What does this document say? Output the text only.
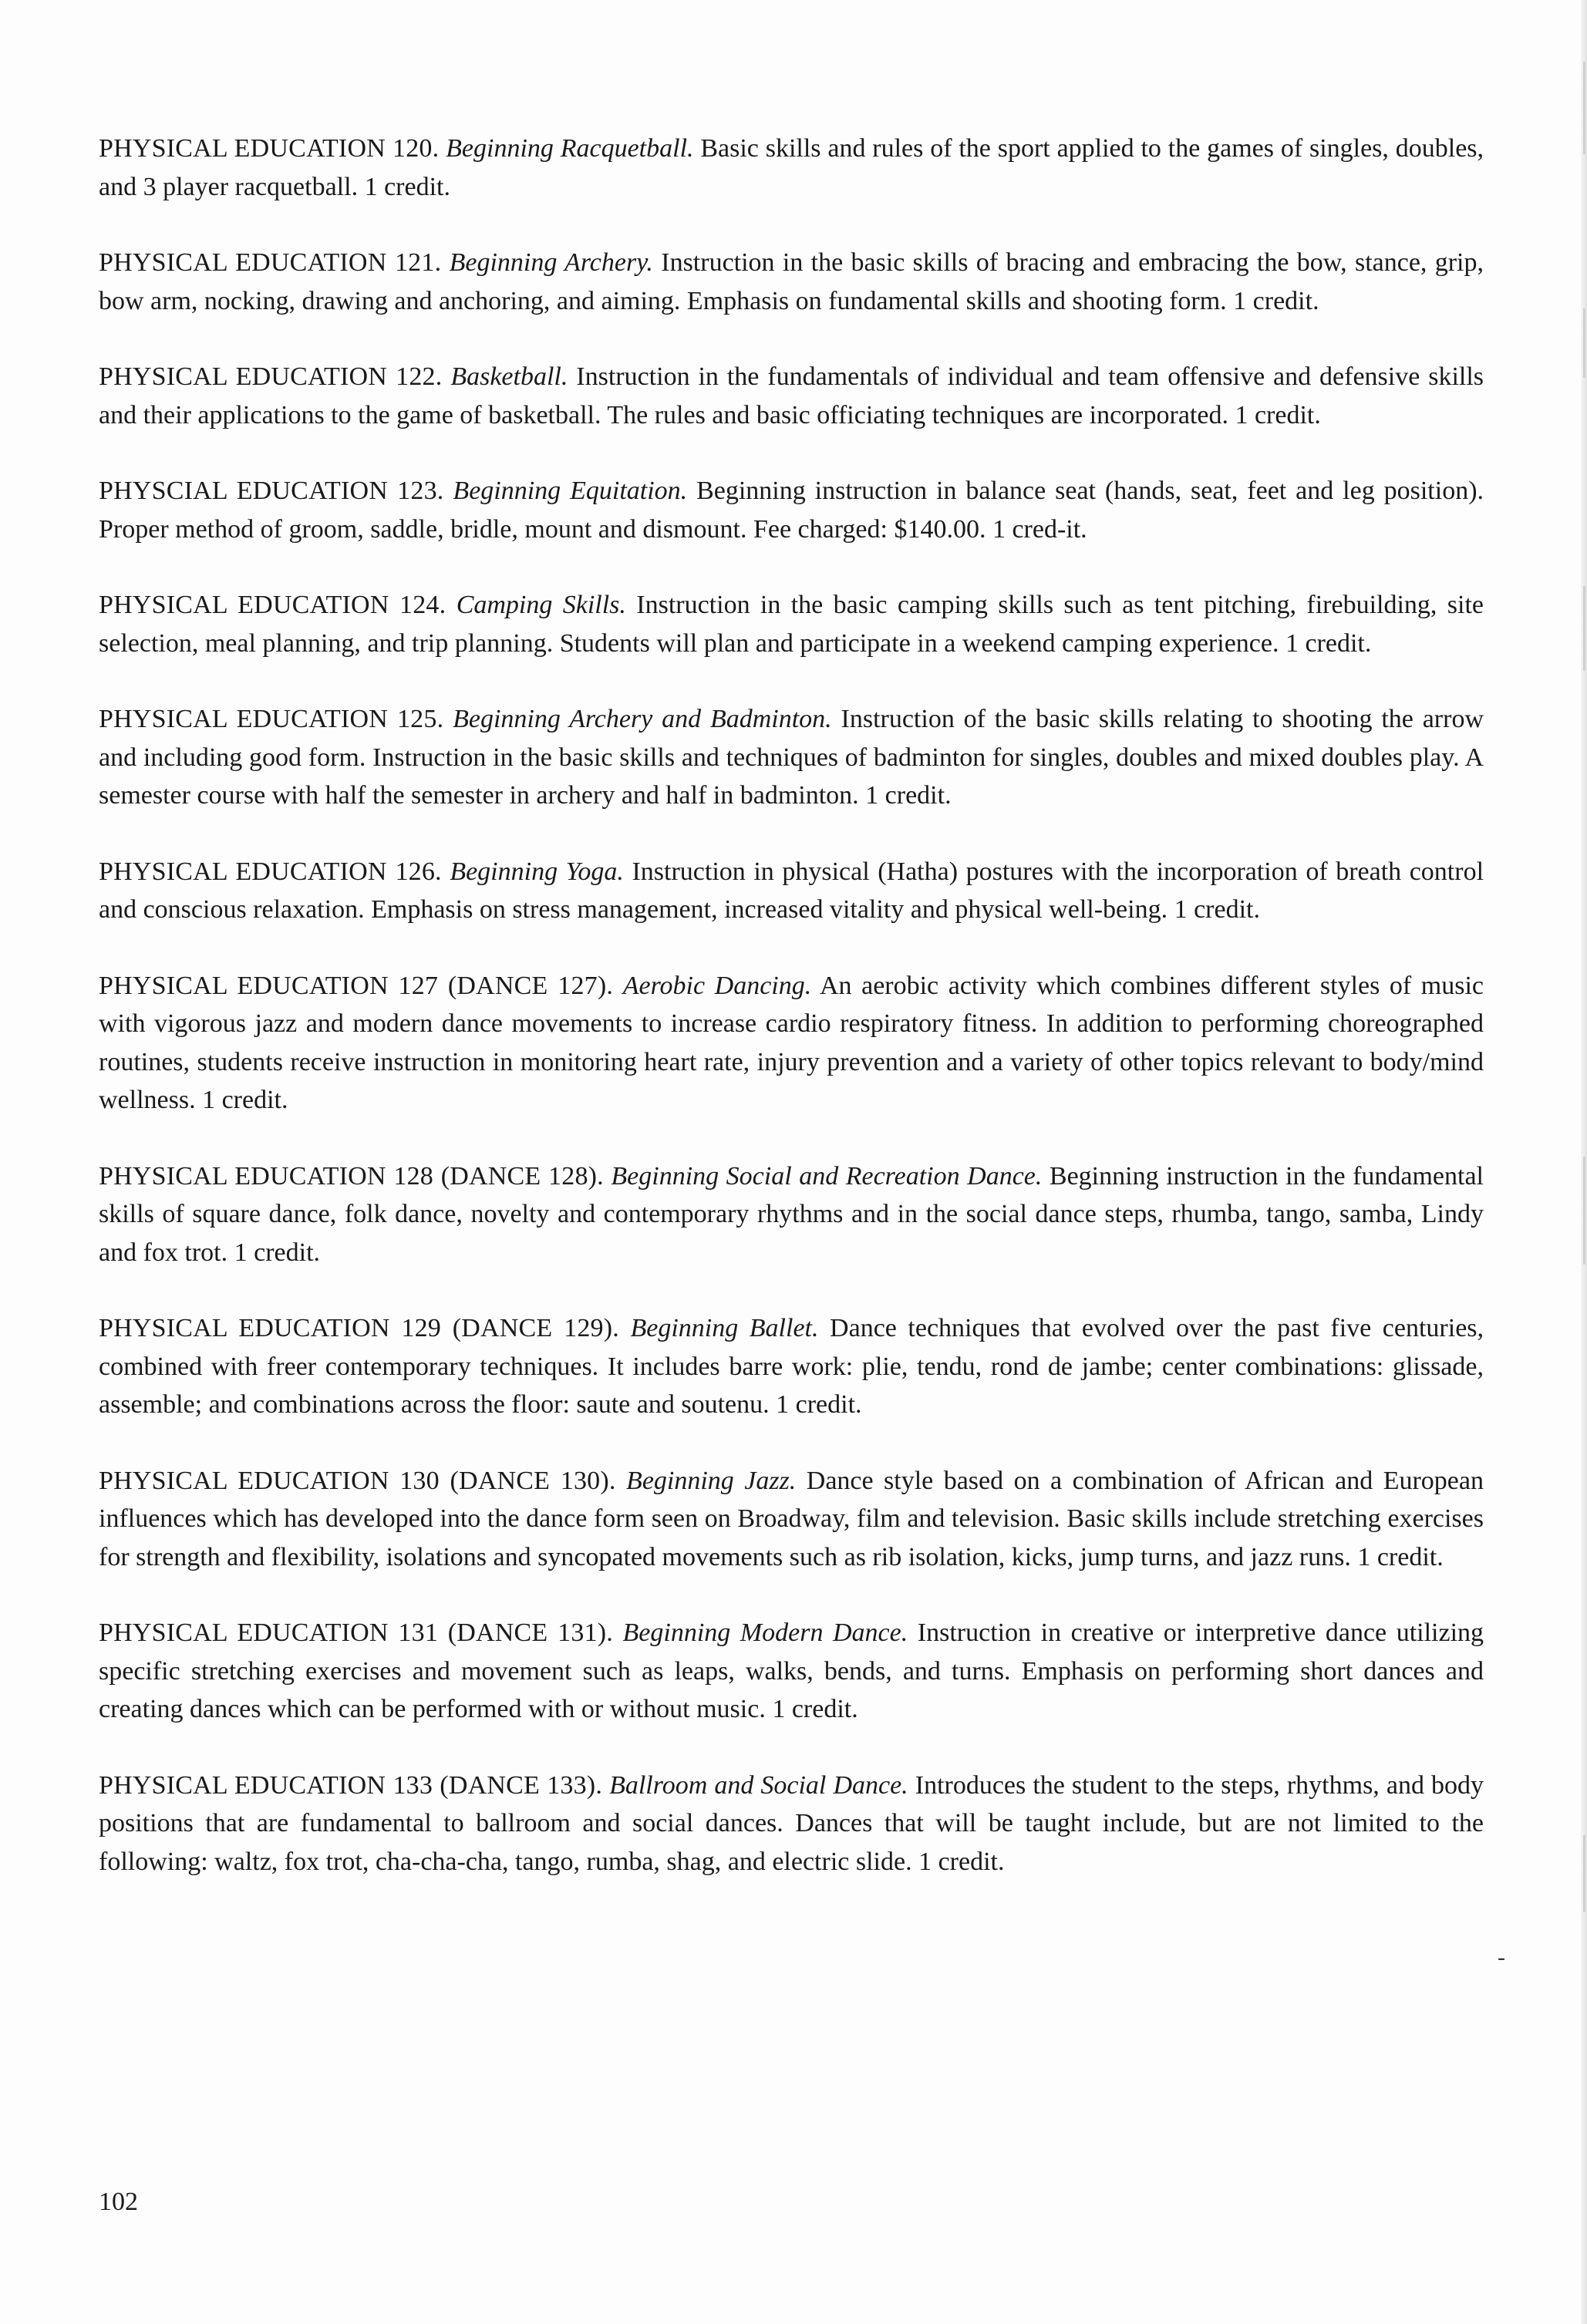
PHYSICAL EDUCATION 120. Beginning Racquetball. Basic skills and rules of the sport applied to the games of singles, doubles, and 3 player racquetball. 1 credit.

PHYSICAL EDUCATION 121. Beginning Archery. Instruction in the basic skills of bracing and embracing the bow, stance, grip, bow arm, nocking, drawing and anchoring, and aiming. Emphasis on fundamental skills and shooting form. 1 credit.

PHYSICAL EDUCATION 122. Basketball. Instruction in the fundamentals of individual and team offensive and defensive skills and their applications to the game of basketball. The rules and basic officiating techniques are incorporated. 1 credit.

PHYSCIAL EDUCATION 123. Beginning Equitation. Beginning instruction in balance seat (hands, seat, feet and leg position). Proper method of groom, saddle, bridle, mount and dismount. Fee charged: $140.00. 1 cred-it.

PHYSICAL EDUCATION 124. Camping Skills. Instruction in the basic camping skills such as tent pitching, firebuilding, site selection, meal planning, and trip planning. Students will plan and participate in a weekend camping experience. 1 credit.

PHYSICAL EDUCATION 125. Beginning Archery and Badminton. Instruction of the basic skills relating to shooting the arrow and including good form. Instruction in the basic skills and techniques of badminton for singles, doubles and mixed doubles play. A semester course with half the semester in archery and half in badminton. 1 credit.

PHYSICAL EDUCATION 126. Beginning Yoga. Instruction in physical (Hatha) postures with the incorporation of breath control and conscious relaxation. Emphasis on stress management, increased vitality and physical well-being. 1 credit.

PHYSICAL EDUCATION 127 (DANCE 127). Aerobic Dancing. An aerobic activity which combines different styles of music with vigorous jazz and modern dance movements to increase cardio respiratory fitness. In addition to performing choreographed routines, students receive instruction in monitoring heart rate, injury prevention and a variety of other topics relevant to body/mind wellness. 1 credit.

PHYSICAL EDUCATION 128 (DANCE 128). Beginning Social and Recreation Dance. Beginning instruction in the fundamental skills of square dance, folk dance, novelty and contemporary rhythms and in the social dance steps, rhumba, tango, samba, Lindy and fox trot. 1 credit.

PHYSICAL EDUCATION 129 (DANCE 129). Beginning Ballet. Dance techniques that evolved over the past five centuries, combined with freer contemporary techniques. It includes barre work: plie, tendu, rond de jambe; center combinations: glissade, assemble; and combinations across the floor: saute and soutenu. 1 credit.

PHYSICAL EDUCATION 130 (DANCE 130). Beginning Jazz. Dance style based on a combination of African and European influences which has developed into the dance form seen on Broadway, film and television. Basic skills include stretching exercises for strength and flexibility, isolations and syncopated movements such as rib isolation, kicks, jump turns, and jazz runs. 1 credit.

PHYSICAL EDUCATION 131 (DANCE 131). Beginning Modern Dance. Instruction in creative or interpretive dance utilizing specific stretching exercises and movement such as leaps, walks, bends, and turns. Emphasis on performing short dances and creating dances which can be performed with or without music. 1 credit.

PHYSICAL EDUCATION 133 (DANCE 133). Ballroom and Social Dance. Introduces the student to the steps, rhythms, and body positions that are fundamental to ballroom and social dances. Dances that will be taught include, but are not limited to the following: waltz, fox trot, cha-cha-cha, tango, rumba, shag, and electric slide. 1 credit.

-
102
